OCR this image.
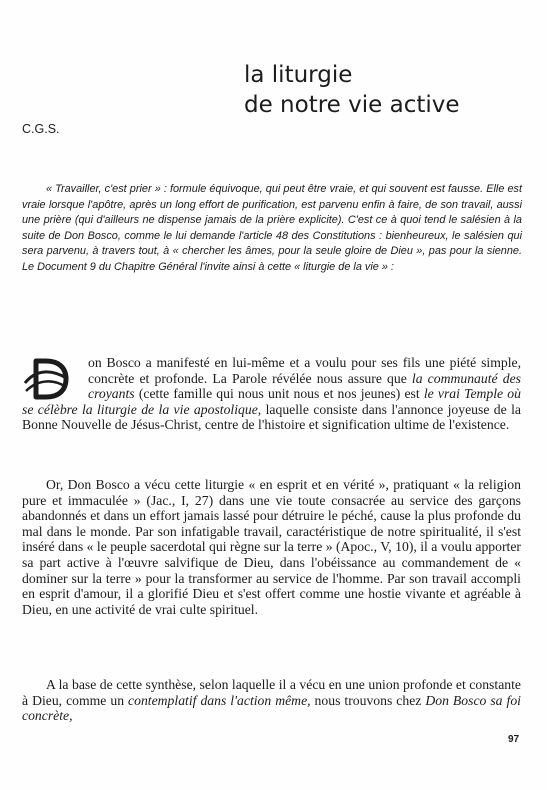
la liturgie
de notre vie active
C.G.S.

« Travailler, c'est prier » : formule équivoque, qui peut être vraie, et qui souvent est fausse. Elle est vraie lorsque l'apôtre, après un long effort de purification, est parvenu enfin à faire, de son travail, aussi une prière (qui d'ailleurs ne dispense jamais de la prière explicite). C'est ce à quoi tend le salésien à la suite de Don Bosco, comme le lui demande l'article 48 des Constitutions : bienheureux, le salésien qui sera parvenu, à travers tout, à « chercher les âmes, pour la seule gloire de Dieu », pas pour la sienne. Le Document 9 du Chapitre Général l'invite ainsi à cette « liturgie de la vie » :

on Bosco a manifesté en lui-même et a voulu pour ses fils une piété simple, concrète et profonde. La Parole révélée nous assure que la communauté des croyants (cette famille qui nous unit nous et nos jeunes) est le vrai Temple où se célèbre la liturgie de la vie apostolique, laquelle consiste dans l'annonce joyeuse de la Bonne Nouvelle de Jésus-Christ, centre de l'histoire et signification ultime de l'existence.

Or, Don Bosco a vécu cette liturgie « en esprit et en vérité », pratiquant « la religion pure et immaculée » (Jac., I, 27) dans une vie toute consacrée au service des garçons abandonnés et dans un effort jamais lassé pour détruire le péché, cause la plus profonde du mal dans le monde. Par son infatigable travail, caractéristique de notre spiritualité, il s'est inséré dans « le peuple sacerdotal qui règne sur la terre » (Apoc., V, 10), il a voulu apporter sa part active à l'œuvre salvifique de Dieu, dans l'obéissance au commandement de « dominer sur la terre » pour la transformer au service de l'homme. Par son travail accompli en esprit d'amour, il a glorifié Dieu et s'est offert comme une hostie vivante et agréable à Dieu, en une activité de vrai culte spirituel.

A la base de cette synthèse, selon laquelle il a vécu en une union profonde et constante à Dieu, comme un contemplatif dans l'action même, nous trouvons chez Don Bosco sa foi concrète,

97
